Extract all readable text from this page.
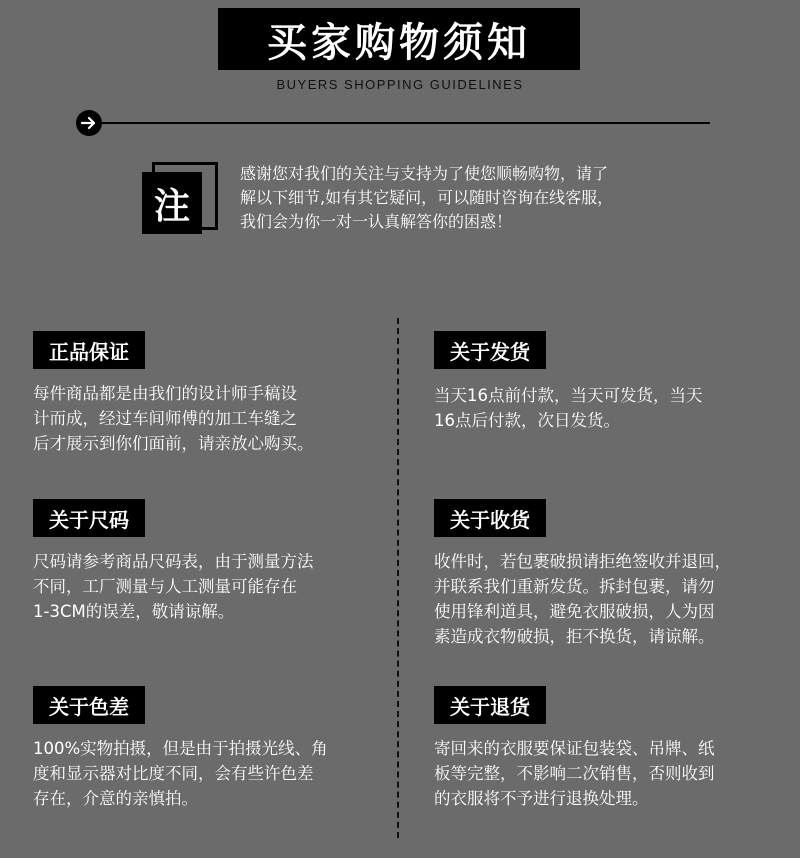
买家购物须知
BUYERS SHOPPING GUIDELINES
注

感谢您对我们的关注与支持为了使您顺畅购物，请了

解以下细节,如有其它疑问，可以随时咨询在线客服，

我们会为你一对一认真解答你的困惑！

正品保证

每件商品都是由我们的设计师手稿设

计而成，经过车间师傅的加工车缝之

后才展示到你们面前，请亲放心购买。

关于尺码

尺码请参考商品尺码表，由于测量方法

不同，工厂测量与人工测量可能存在

1-3CM的误差，敬请谅解。

关于色差

100%实物拍摄，但是由于拍摄光线、角

度和显示器对比度不同，会有些许色差

存在，介意的亲慎拍。

关于发货

当天16点前付款，当天可发货，当天

16点后付款，次日发货。

关于收货

收件时，若包裹破损请拒绝签收并退回，

并联系我们重新发货。拆封包裹，请勿

使用锋利道具，避免衣服破损，人为因

素造成衣物破损，拒不换货，请谅解。

关于退货

寄回来的衣服要保证包装袋、吊牌、纸

板等完整，不影响二次销售，否则收到

的衣服将不予进行退换处理。
